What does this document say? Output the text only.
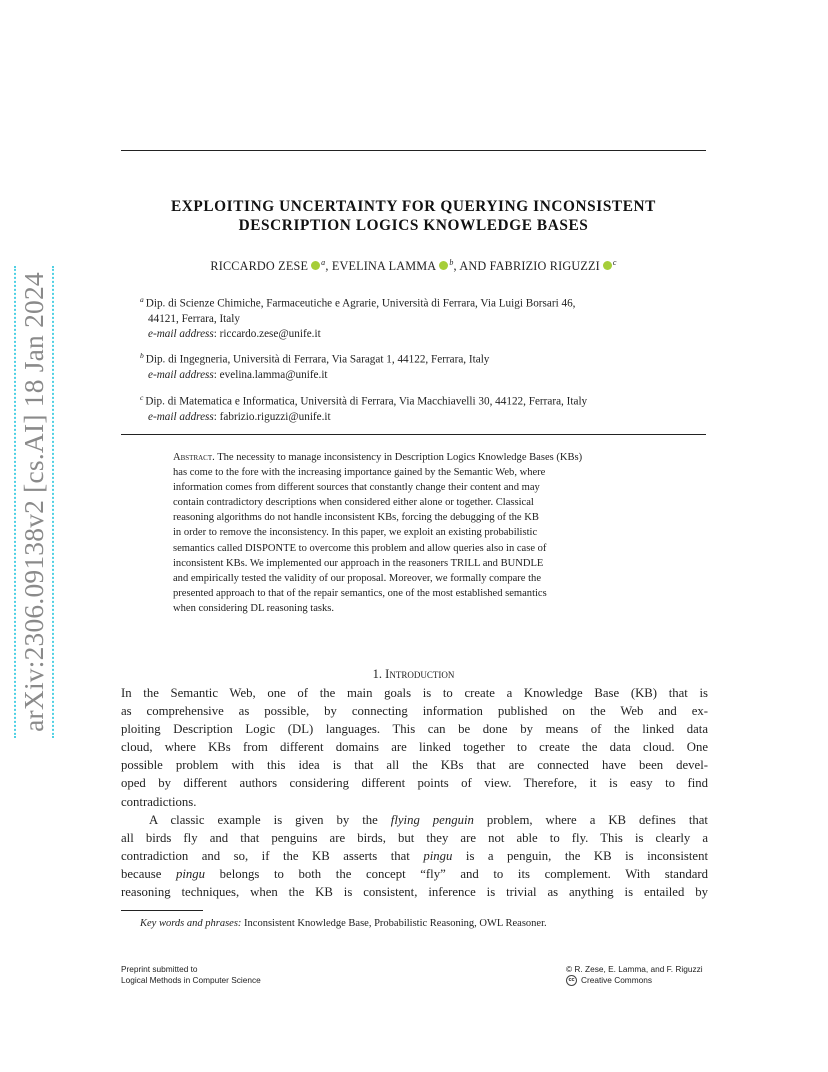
arXiv:2306.09138v2 [cs.AI] 18 Jan 2024
EXPLOITING UNCERTAINTY FOR QUERYING INCONSISTENT
DESCRIPTION LOGICS KNOWLEDGE BASES
RICCARDO ZESE $^a$, EVELINA LAMMA $^b$, AND FABRIZIO RIGUZZI $^c$
$^a$ Dip. di Scienze Chimiche, Farmaceutiche e Agrarie, Università di Ferrara, Via Luigi Borsari 46,
44121, Ferrara, Italy
e-mail address: riccardo.zese@unife.it
$^b$ Dip. di Ingegneria, Università di Ferrara, Via Saragat 1, 44122, Ferrara, Italy
e-mail address: evelina.lamma@unife.it
$^c$ Dip. di Matematica e Informatica, Università di Ferrara, Via Macchiavelli 30, 44122, Ferrara, Italy
e-mail address: fabrizio.riguzzi@unife.it
Abstract. The necessity to manage inconsistency in Description Logics Knowledge Bases (KBs)
has come to the fore with the increasing importance gained by the Semantic Web, where
information comes from different sources that constantly change their content and may
contain contradictory descriptions when considered either alone or together. Classical
reasoning algorithms do not handle inconsistent KBs, forcing the debugging of the KB
in order to remove the inconsistency. In this paper, we exploit an existing probabilistic
semantics called DISPONTE to overcome this problem and allow queries also in case of
inconsistent KBs. We implemented our approach in the reasoners TRILL and BUNDLE
and empirically tested the validity of our proposal. Moreover, we formally compare the
presented approach to that of the repair semantics, one of the most established semantics
when considering DL reasoning tasks.
1. Introduction
In the Semantic Web, one of the main goals is to create a Knowledge Base (KB) that is
as comprehensive as possible, by connecting information published on the Web and ex-
ploiting Description Logic (DL) languages. This can be done by means of the linked data
cloud, where KBs from different domains are linked together to create the data cloud. One
possible problem with this idea is that all the KBs that are connected have been devel-
oped by different authors considering different points of view. Therefore, it is easy to find
contradictions.
A classic example is given by the flying penguin problem, where a KB defines that
all birds fly and that penguins are birds, but they are not able to fly. This is clearly a
contradiction and so, if the KB asserts that pingu is a penguin, the KB is inconsistent
because pingu belongs to both the concept “fly” and to its complement. With standard
reasoning techniques, when the KB is consistent, inference is trivial as anything is entailed by
Key words and phrases: Inconsistent Knowledge Base, Probabilistic Reasoning, OWL Reasoner.
Preprint submitted to
Logical Methods in Computer Science
© R. Zese, E. Lamma, and F. Riguzzi
cc Creative Commons
